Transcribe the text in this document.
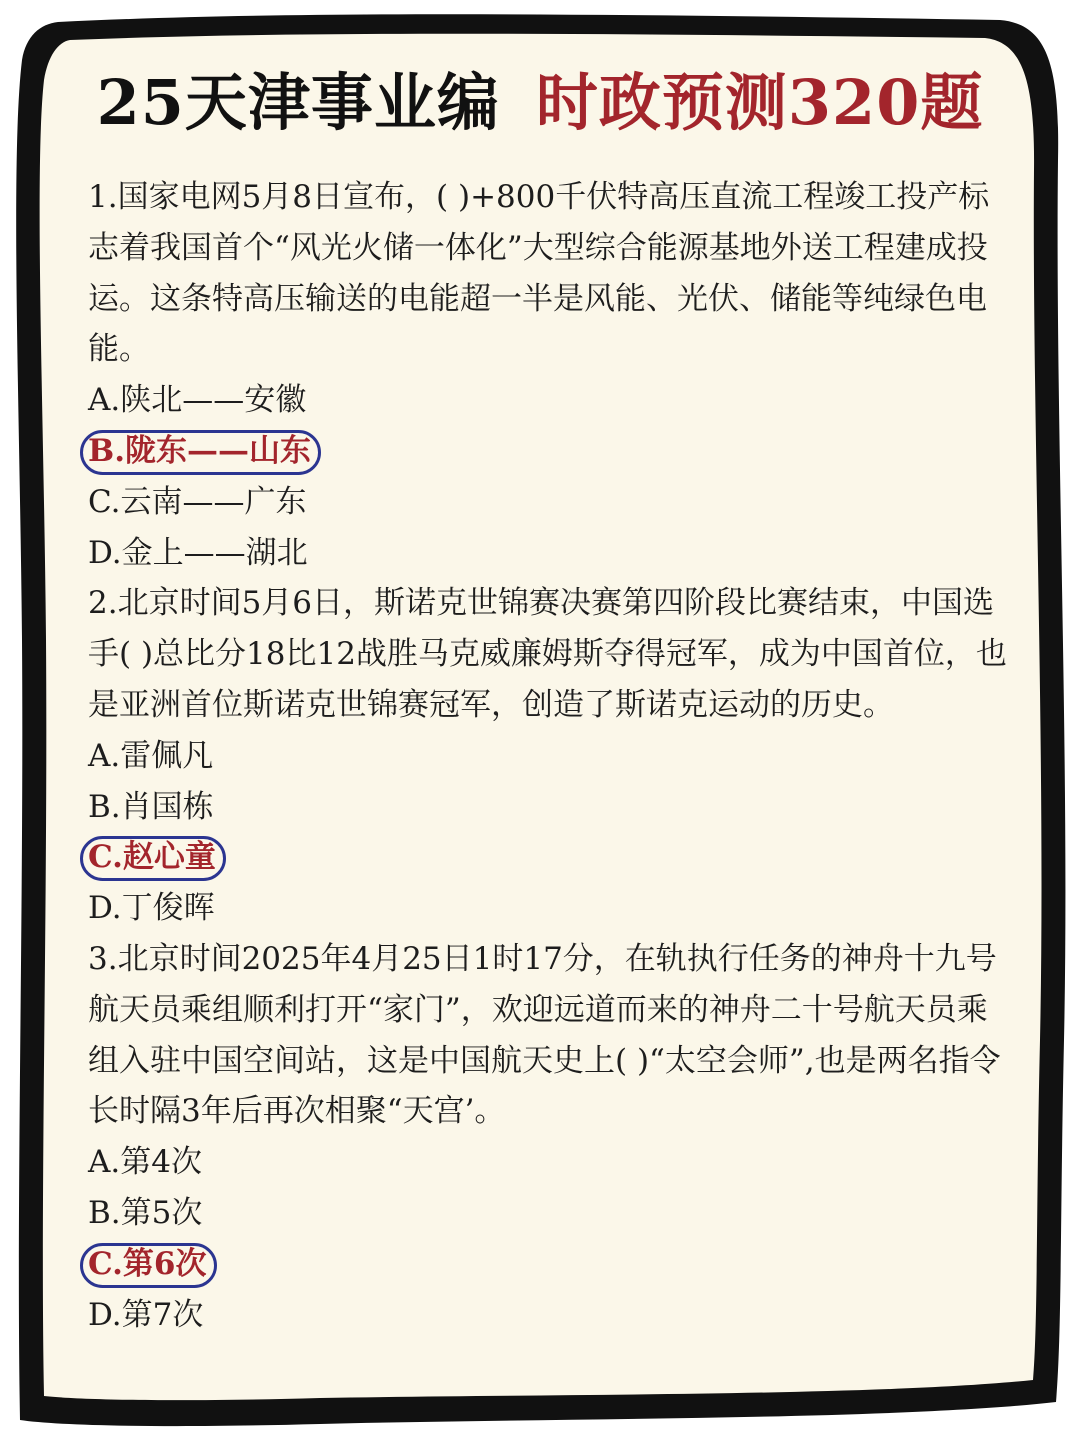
25天津事业编 时政预测320题

1.国家电网5月8日宣布，( )+800千伏特高压直流工程竣工投产标志着我国首个“风光火储一体化”大型综合能源基地外送工程建成投运。这条特高压输送的电能超一半是风能、光伏、储能等纯绿色电能。

A.陕北——安徽
B.陇东——山东
C.云南——广东
D.金上——湖北

2.北京时间5月6日，斯诺克世锦赛决赛第四阶段比赛结束，中国选手( )总比分18比12战胜马克威廉姆斯夺得冠军，成为中国首位，也是亚洲首位斯诺克世锦赛冠军，创造了斯诺克运动的历史。

A.雷佩凡
B.肖国栋
C.赵心童
D.丁俊晖

3.北京时间2025年4月25日1时17分，在轨执行任务的神舟十九号航天员乘组顺利打开“家门”，欢迎远道而来的神舟二十号航天员乘组入驻中国空间站，这是中国航天史上( )“太空会师”,也是两名指令长时隔3年后再次相聚“天宫’。

A.第4次
B.第5次
C.第6次
D.第7次
